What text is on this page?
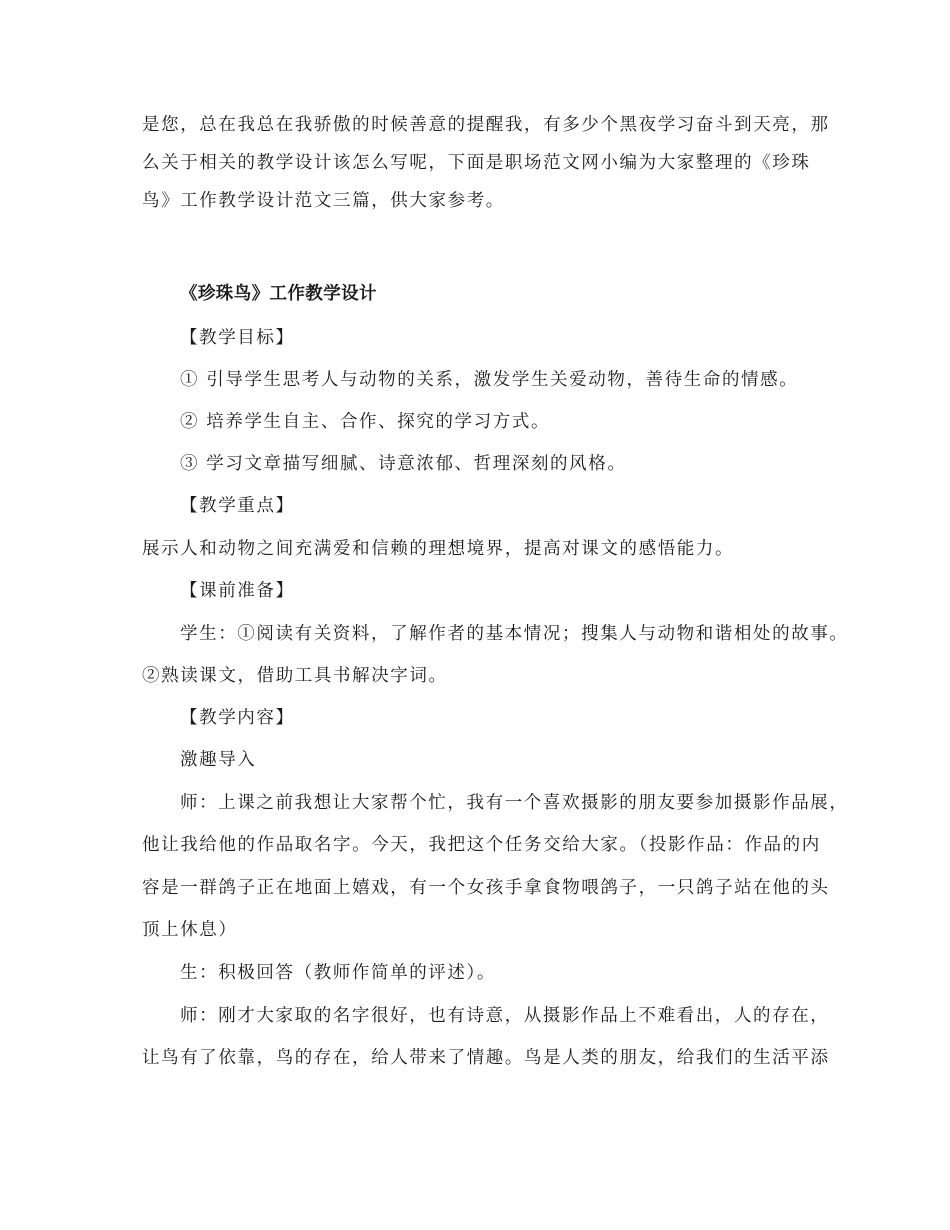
是您，总在我总在我骄傲的时候善意的提醒我，有多少个黑夜学习奋斗到天亮，那
么关于相关的教学设计该怎么写呢，下面是职场范文网小编为大家整理的《珍珠
鸟》工作教学设计范文三篇，供大家参考。
《珍珠鸟》工作教学设计
【教学目标】
① 引导学生思考人与动物的关系，激发学生关爱动物，善待生命的情感。
② 培养学生自主、合作、探究的学习方式。
③ 学习文章描写细腻、诗意浓郁、哲理深刻的风格。
【教学重点】
展示人和动物之间充满爱和信赖的理想境界，提高对课文的感悟能力。
【课前准备】
学生：①阅读有关资料，了解作者的基本情况；搜集人与动物和谐相处的故事。
②熟读课文，借助工具书解决字词。
【教学内容】
激趣导入
师：上课之前我想让大家帮个忙，我有一个喜欢摄影的朋友要参加摄影作品展，
他让我给他的作品取名字。今天，我把这个任务交给大家。（投影作品：作品的内
容是一群鸽子正在地面上嬉戏，有一个女孩手拿食物喂鸽子，一只鸽子站在他的头
顶上休息）
生：积极回答（教师作简单的评述）。
师：刚才大家取的名字很好，也有诗意，从摄影作品上不难看出，人的存在，
让鸟有了依靠，鸟的存在，给人带来了情趣。鸟是人类的朋友，给我们的生活平添
